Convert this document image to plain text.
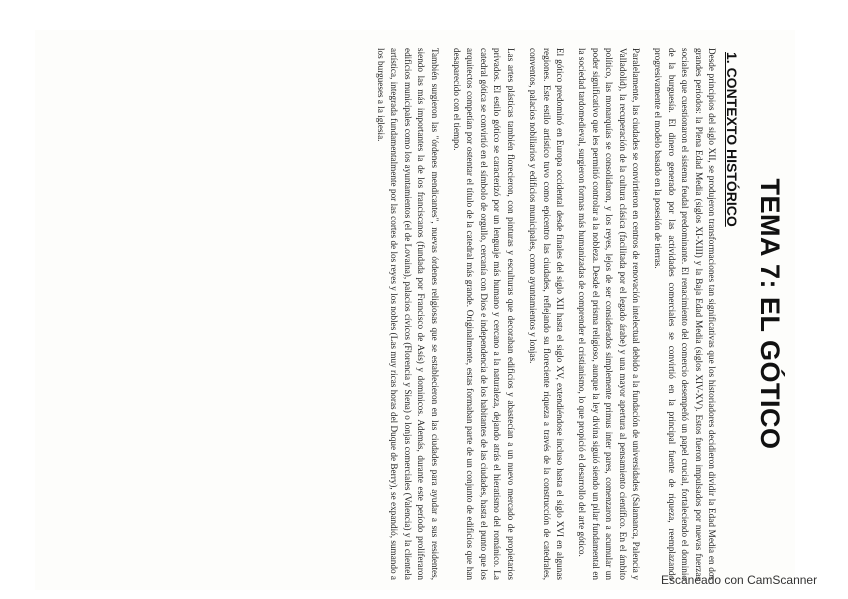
TEMA 7: EL GÓTICO
1. CONTEXTO HISTÓRICO

Desde principios del siglo XII, se produjeron transformaciones tan significativas que los historiadores decidieron dividir la Edad Media en dos grandes periodos: la Plena Edad Media (siglos XI-XIII) y la Baja Edad Media (siglos XIV-XV). Estos fueron impulsados por nuevas fuerzas sociales que cuestionaron el sistema feudal predominante. El renacimiento del comercio desempeñó un papel crucial, fortaleciendo el dominio de la burguesía. El dinero generado por las actividades comerciales se convirtió en la principal fuente de riqueza, reemplazando progresivamente el modelo basado en la posesión de tierras.

Paralelamente, las ciudades se convirtieron en centros de renovación intelectual debido a la fundación de universidades (Salamanca, Palencia y Valladolid), la recuperación de la cultura clásica (facilitada por el legado árabe) y una mayor apertura al pensamiento científico. En el ámbito político, las monarquías se consolidaron, y los reyes, lejos de ser considerados simplemente primus inter pares, comenzaron a acumular un poder significativo que les permitió controlar a la nobleza. Desde el prisma religioso, aunque la ley divina siguió siendo un pilar fundamental en la sociedad tardomedieval, surgieron formas más humanizadas de comprender el cristianismo, lo que propició el desarrollo del arte gótico.

El gótico predominó en Europa occidental desde finales del siglo XII hasta el siglo XV, extendiéndose incluso hasta el siglo XVI en algunas regiones. Este estilo artístico tuvo como epicentro las ciudades, reflejando su floreciente riqueza a través de la construcción de catedrales, conventos, palacios nobiliarios y edificios municipales, como ayuntamientos y lonjas.

Las artes plásticas también florecieron, con pinturas y esculturas que decoraban edificios y abastecían a un nuevo mercado de propietarios privados. El estilo gótico se caracterizó por un lenguaje más humano y cercano a la naturaleza, dejando atrás el hieratismo del románico. La catedral gótica se convirtió en el símbolo de orgullo, cercanía con Dios e independencia de los habitantes de las ciudades, hasta el punto que los arquitectos competían por ostentar el título de la catedral más grande. Originalmente, estas formaban parte de un conjunto de edificios que han desaparecido con el tiempo.

También surgieron las "órdenes mendicantes", nuevas órdenes religiosas que se establecieron en las ciudades para ayudar a sus residentes, siendo las más importantes la de los franciscanos (fundada por Francisco de Asís) y dominicos. Además, durante este período proliferaron edificios municipales como los ayuntamientos (el de Lovaina), palacios cívicos (Florencia y Siena) o lonjas comerciales (Valencia) y la clientela artística, integrada fundamentalmente por las cortes de los reyes y los nobles (Las muy ricas horas del Duque de Berry), se expandió, sumando a los burgueses a la iglesia.

Escaneado con CamScanner
